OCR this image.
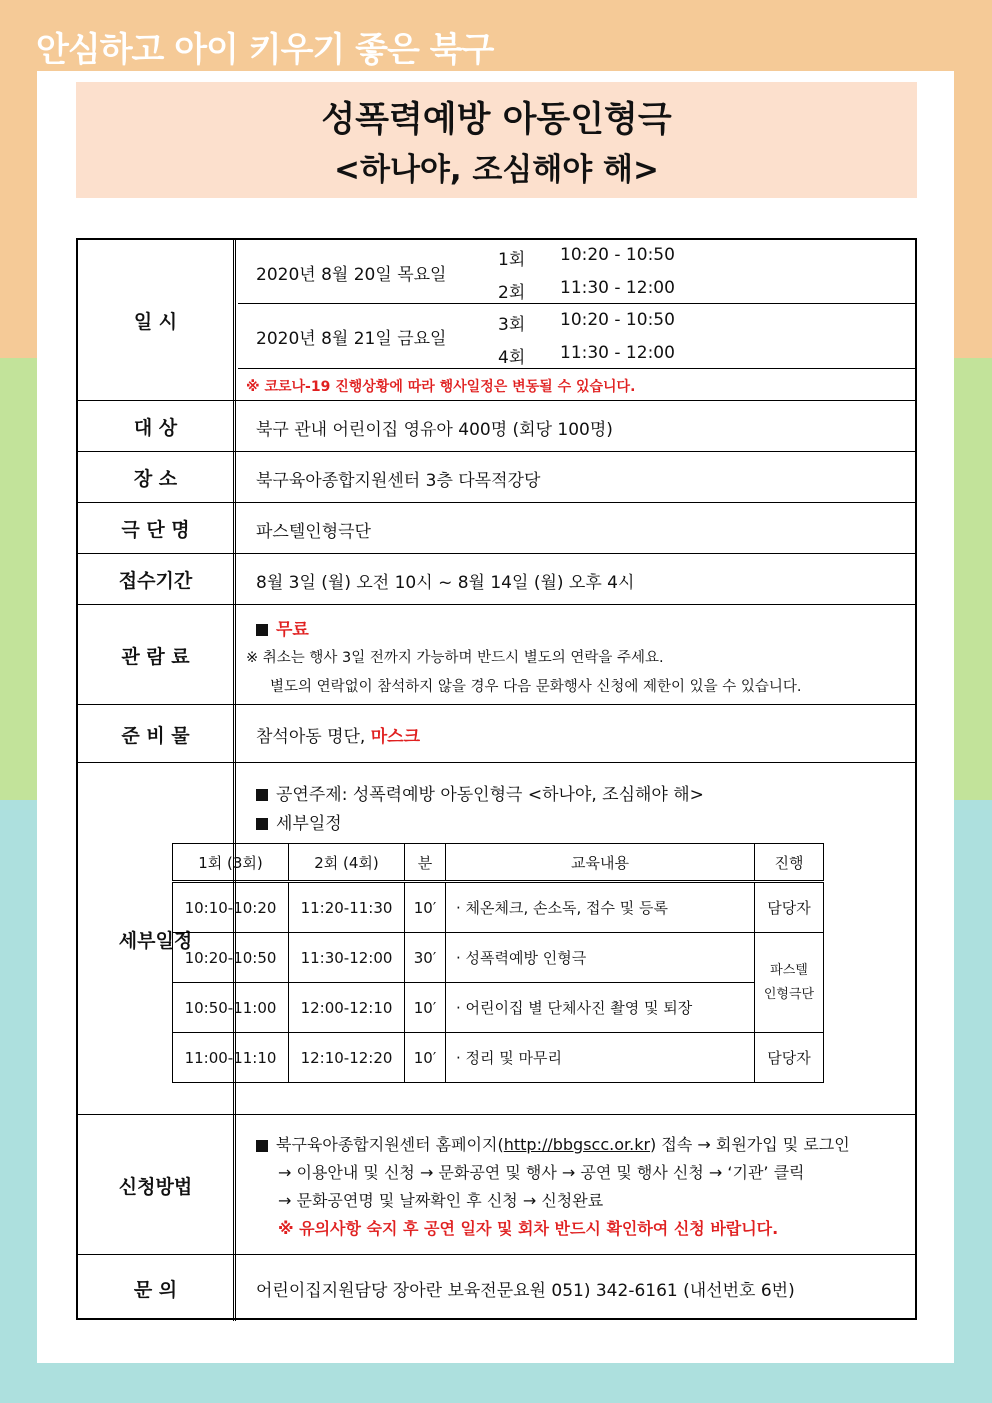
안심하고 아이 키우기 좋은 북구
성폭력예방 아동인형극
<하나야, 조심해야 해>
일 시
2020년 8월 20일 목요일
1회 10:20 - 10:50
2회 11:30 - 12:00
2020년 8월 21일 금요일
3회 10:20 - 10:50
4회 11:30 - 12:00
※ 코로나-19 진행상황에 따라 행사일정은 변동될 수 있습니다.
대 상	북구 관내 어린이집 영유아 400명 (회당 100명)
장 소	북구육아종합지원센터 3층 다목적강당
극 단 명	파스텔인형극단
접수기간	8월 3일 (월) 오전 10시 ~ 8월 14일 (월) 오후 4시
관 람 료
무료
※ 취소는 행사 3일 전까지 가능하며 반드시 별도의 연락을 주세요.
별도의 연락없이 참석하지 않을 경우 다음 문화행사 신청에 제한이 있을 수 있습니다.
준 비 물	참석아동 명단, 마스크
세부일정
공연주제: 성폭력예방 아동인형극 <하나야, 조심해야 해>
세부일정
신청방법
북구육아종합지원센터 홈페이지(http://bbgscc.or.kr) 접속 → 회원가입 및 로그인
→ 이용안내 및 신청 → 문화공연 및 행사 → 공연 및 행사 신청 → ‘기관’ 클릭
→ 문화공연명 및 날짜확인 후 신청 → 신청완료
※ 유의사항 숙지 후 공연 일자 및 회차 반드시 확인하여 신청 바랍니다.
문 의	어린이집지원담당 장아란 보육전문요원 051) 342-6161 (내선번호 6번)
1회 (3회)	2회 (4회)	분	교육내용	진행
10:10-10:20	11:20-11:30	10′	· 체온체크, 손소독, 접수 및 등록	담당자
10:20-10:50	11:30-12:00	30′	· 성폭력예방 인형극	파스텔
인형극단
10:50-11:00	12:00-12:10	10′	· 어린이집 별 단체사진 촬영 및 퇴장	
11:00-11:10	12:10-12:20	10′	· 정리 및 마무리	담당자
